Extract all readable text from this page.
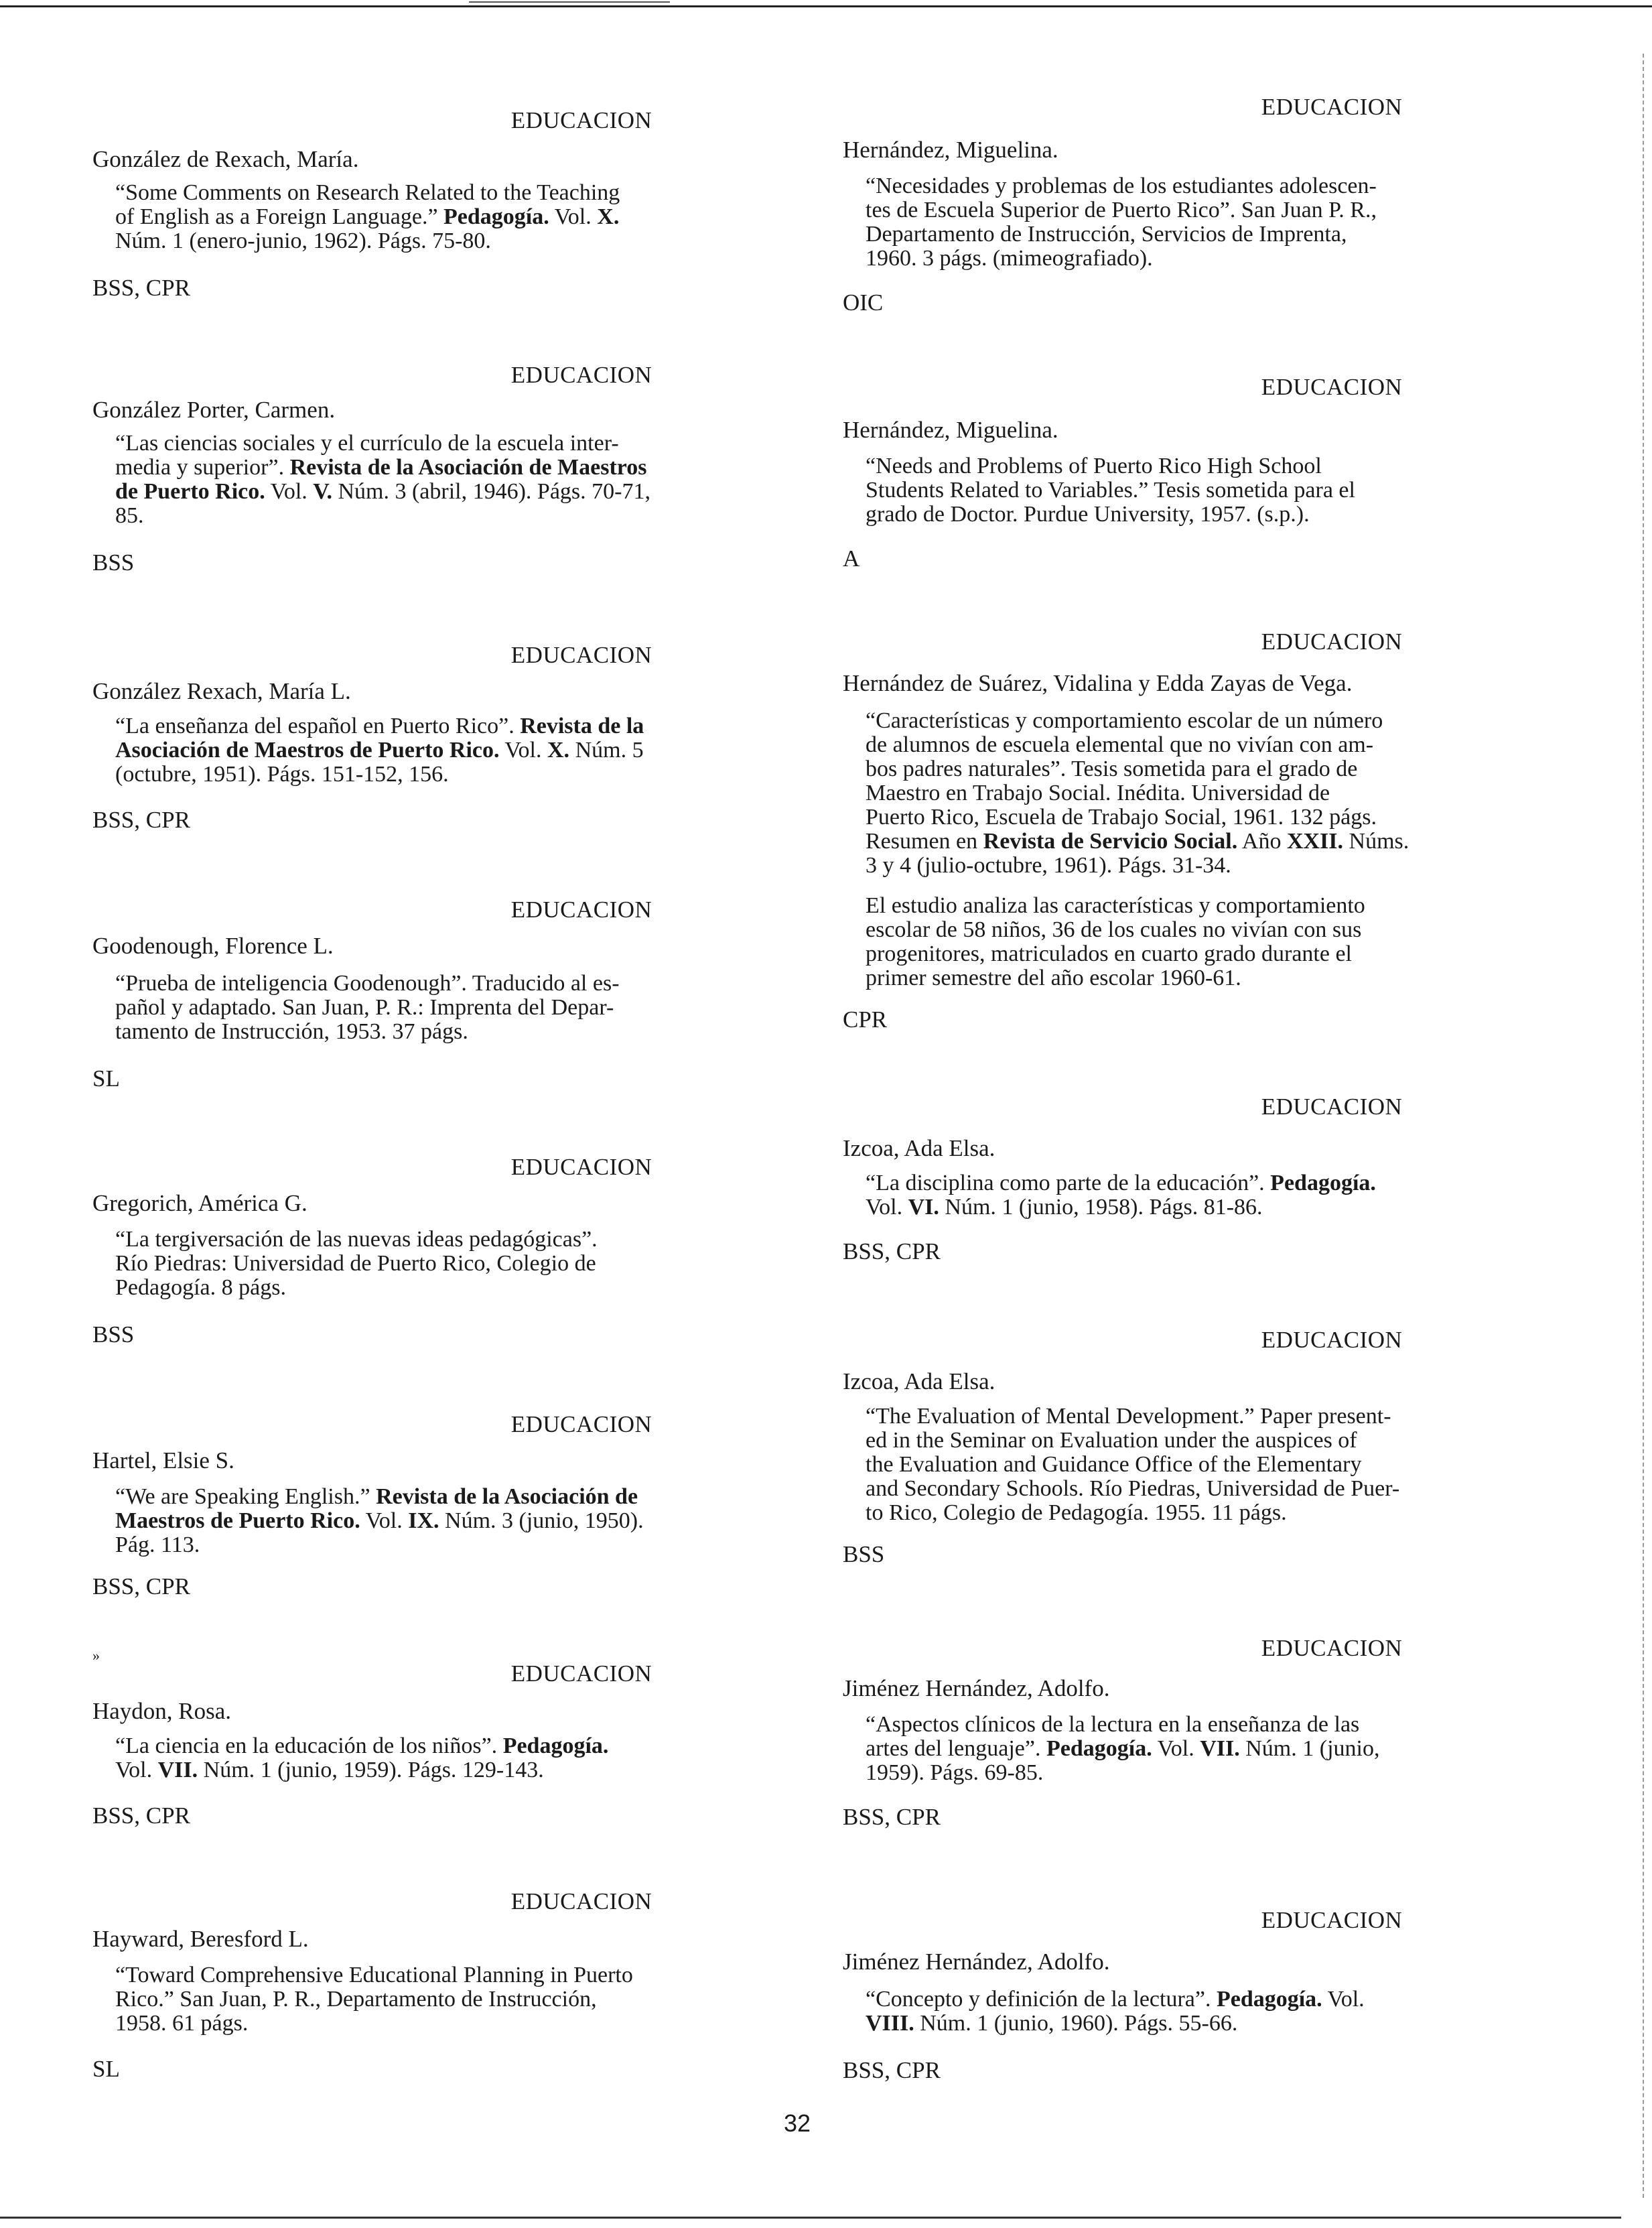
EDUCACION
González de Rexach, María.
“Some Comments on Research Related to the Teaching
of English as a Foreign Language.” Pedagogía. Vol. X.
Núm. 1 (enero-junio, 1962). Págs. 75-80.
BSS, CPR
EDUCACION
González Porter, Carmen.
“Las ciencias sociales y el currículo de la escuela inter-
media y superior”. Revista de la Asociación de Maestros
de Puerto Rico. Vol. V. Núm. 3 (abril, 1946). Págs. 70-71,
85.
BSS
EDUCACION
González Rexach, María L.
“La enseñanza del español en Puerto Rico”. Revista de la
Asociación de Maestros de Puerto Rico. Vol. X. Núm. 5
(octubre, 1951). Págs. 151-152, 156.
BSS, CPR
EDUCACION
Goodenough, Florence L.
“Prueba de inteligencia Goodenough”. Traducido al es-
pañol y adaptado. San Juan, P. R.: Imprenta del Depar-
tamento de Instrucción, 1953. 37 págs.
SL
EDUCACION
Gregorich, América G.
“La tergiversación de las nuevas ideas pedagógicas”.
Río Piedras: Universidad de Puerto Rico, Colegio de
Pedagogía. 8 págs.
BSS
EDUCACION
Hartel, Elsie S.
“We are Speaking English.” Revista de la Asociación de
Maestros de Puerto Rico. Vol. IX. Núm. 3 (junio, 1950).
Pág. 113.
BSS, CPR
EDUCACION
Haydon, Rosa.
“La ciencia en la educación de los niños”. Pedagogía.
Vol. VII. Núm. 1 (junio, 1959). Págs. 129-143.
BSS, CPR
EDUCACION
Hayward, Beresford L.
“Toward Comprehensive Educational Planning in Puerto
Rico.” San Juan, P. R., Departamento de Instrucción,
1958. 61 págs.
SL
EDUCACION
Hernández, Miguelina.
“Necesidades y problemas de los estudiantes adolescen-
tes de Escuela Superior de Puerto Rico”. San Juan P. R.,
Departamento de Instrucción, Servicios de Imprenta,
1960. 3 págs. (mimeografiado).
OIC
EDUCACION
Hernández, Miguelina.
“Needs and Problems of Puerto Rico High School
Students Related to Variables.” Tesis sometida para el
grado de Doctor. Purdue University, 1957. (s.p.).
A
EDUCACION
Hernández de Suárez, Vidalina y Edda Zayas de Vega.
“Características y comportamiento escolar de un número
de alumnos de escuela elemental que no vivían con am-
bos padres naturales”. Tesis sometida para el grado de
Maestro en Trabajo Social. Inédita. Universidad de
Puerto Rico, Escuela de Trabajo Social, 1961. 132 págs.
Resumen en Revista de Servicio Social. Año XXII. Núms.
3 y 4 (julio-octubre, 1961). Págs. 31-34.
El estudio analiza las características y comportamiento
escolar de 58 niños, 36 de los cuales no vivían con sus
progenitores, matriculados en cuarto grado durante el
primer semestre del año escolar 1960-61.
CPR
EDUCACION
Izcoa, Ada Elsa.
“La disciplina como parte de la educación”. Pedagogía.
Vol. VI. Núm. 1 (junio, 1958). Págs. 81-86.
BSS, CPR
EDUCACION
Izcoa, Ada Elsa.
“The Evaluation of Mental Development.” Paper present-
ed in the Seminar on Evaluation under the auspices of
the Evaluation and Guidance Office of the Elementary
and Secondary Schools. Río Piedras, Universidad de Puer-
to Rico, Colegio de Pedagogía. 1955. 11 págs.
BSS
EDUCACION
Jiménez Hernández, Adolfo.
“Aspectos clínicos de la lectura en la enseñanza de las
artes del lenguaje”. Pedagogía. Vol. VII. Núm. 1 (junio,
1959). Págs. 69-85.
BSS, CPR
EDUCACION
Jiménez Hernández, Adolfo.
“Concepto y definición de la lectura”. Pedagogía. Vol.
VIII. Núm. 1 (junio, 1960). Págs. 55-66.
BSS, CPR
»
32
